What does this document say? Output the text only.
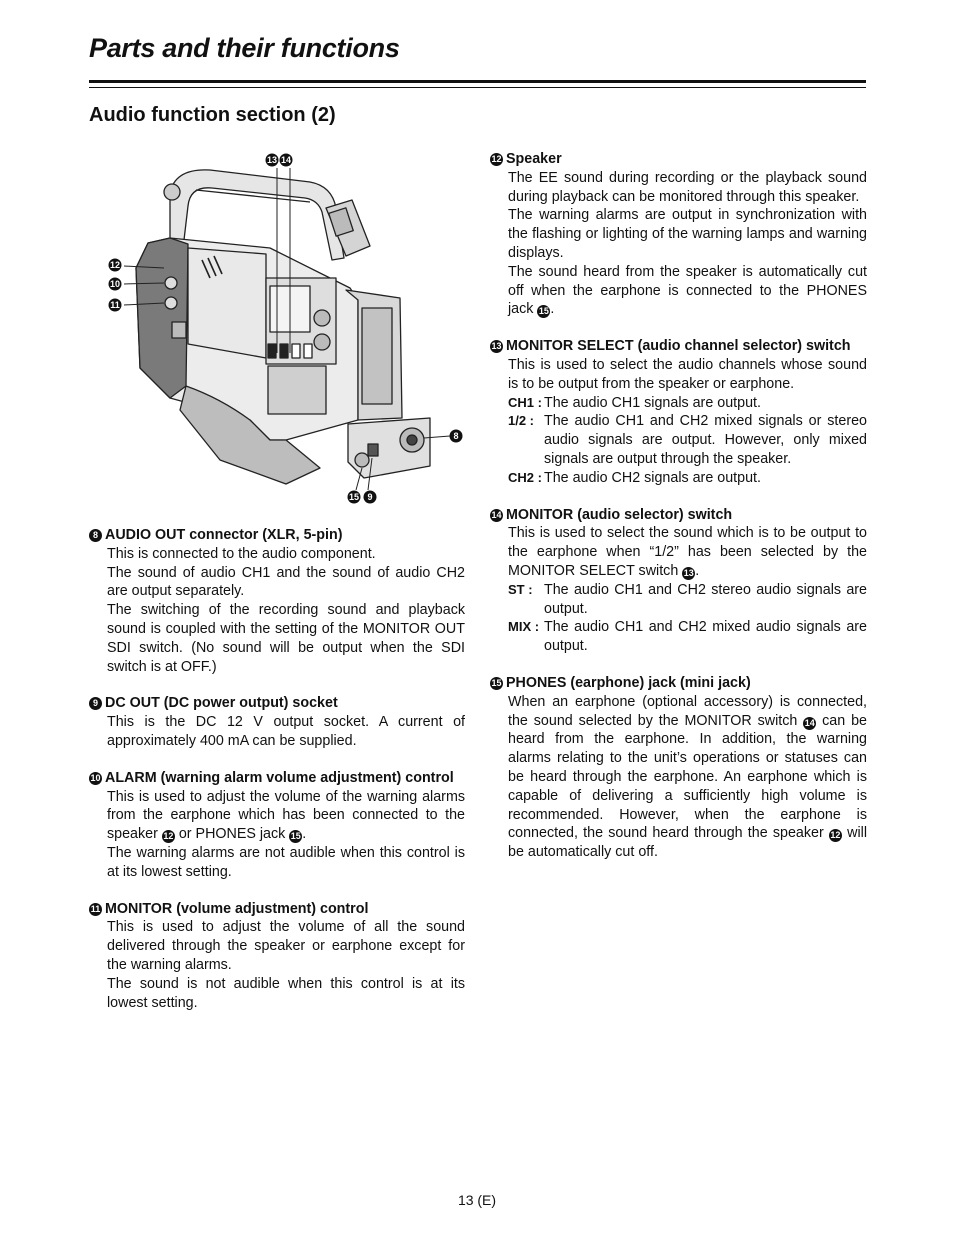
Parts and their functions
Audio function section (2)
13 14
12
10
11
8
15 9
8 AUDIO OUT connector (XLR, 5-pin)

This is connected to the audio component.

The sound of audio CH1 and the sound of audio CH2 are output separately.

The switching of the recording sound and playback sound is coupled with the setting of the MONITOR OUT SDI switch. (No sound will be output when the SDI switch is at OFF.)

9 DC OUT (DC power output) socket

This is the DC 12 V output socket. A current of approximately 400 mA can be supplied.

10 ALARM (warning alarm volume adjustment) control

This is used to adjust the volume of the warning alarms from the earphone which has been connected to the speaker 12 or PHONES jack 15 .

The warning alarms are not audible when this control is at its lowest setting.

11 MONITOR (volume adjustment) control

This is used to adjust the volume of all the sound delivered through the speaker or earphone except for the warning alarms.

The sound is not audible when this control is at its lowest setting.

12 Speaker

The EE sound during recording or the playback sound during playback can be monitored through this speaker.

The warning alarms are output in synchronization with the flashing or lighting of the warning lamps and warning displays.

The sound heard from the speaker is automatically cut off when the earphone is connected to the PHONES jack 15 .

13 MONITOR SELECT (audio channel selector) switch

This is used to select the audio channels whose sound is to be output from the speaker or earphone.

CH1 : The audio CH1 signals are output.
1/2 : The audio CH1 and CH2 mixed signals or stereo audio signals are output. However, only mixed signals are output through the speaker.
CH2 : The audio CH2 signals are output.
14 MONITOR (audio selector) switch

This is used to select the sound which is to be output to the earphone when “1/2” has been selected by the MONITOR SELECT switch 13 .

ST : The audio CH1 and CH2 stereo audio signals are output.
MIX : The audio CH1 and CH2 mixed audio signals are output.
15 PHONES (earphone) jack (mini jack)

When an earphone (optional accessory) is connected, the sound selected by the MONITOR switch 14 can be heard from the earphone. In addition, the warning alarms relating to the unit’s operations or statuses can be heard through the earphone. An earphone which is capable of delivering a sufficiently high volume is recommended. However, when the earphone is connected, the sound heard through the speaker 12 will be automatically cut off.

13 (E)
